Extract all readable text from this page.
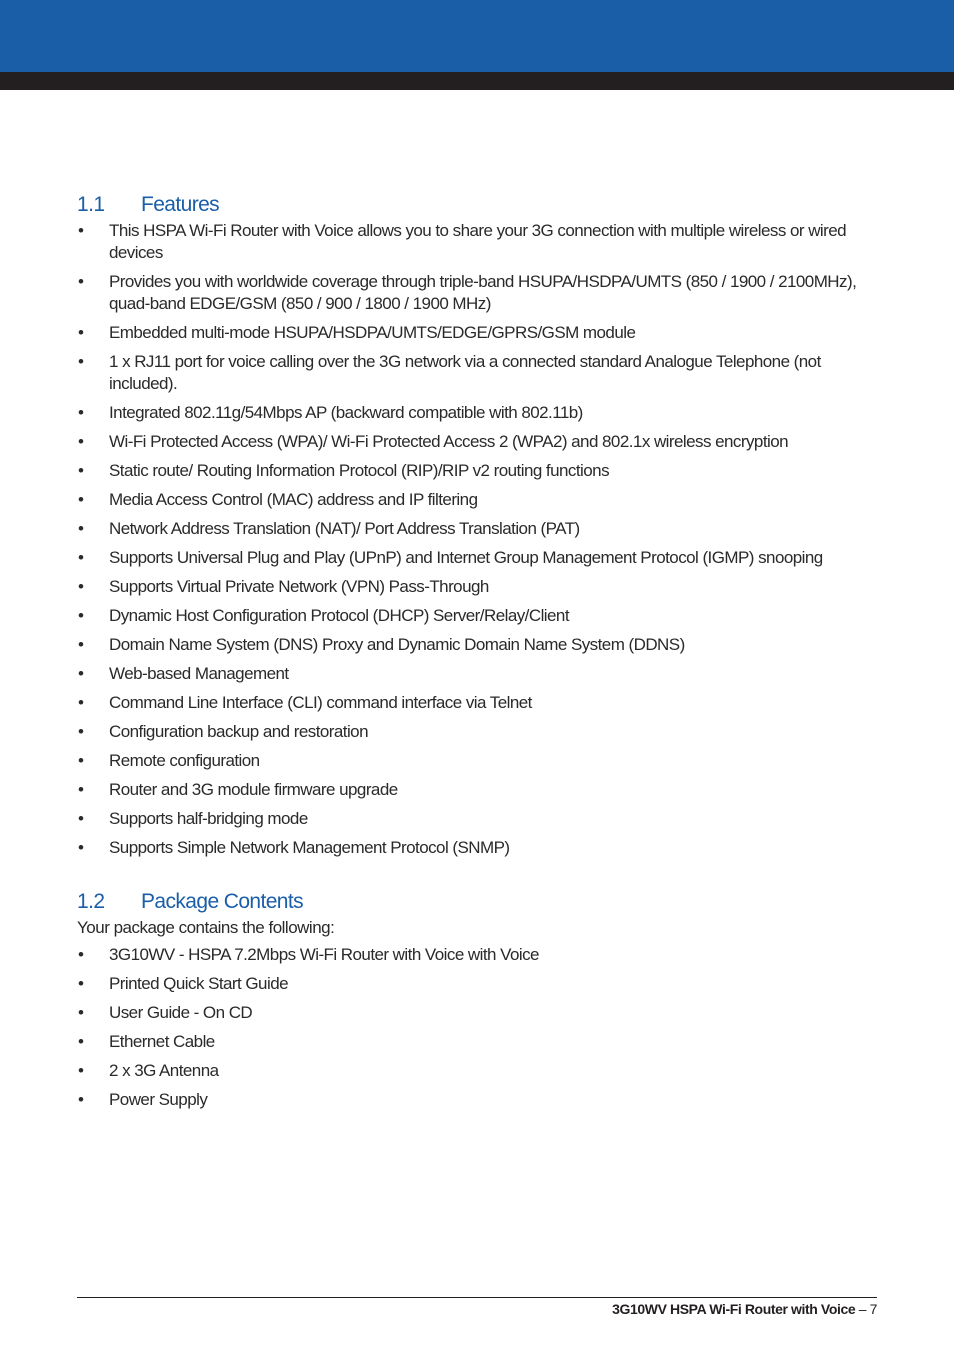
1.1 Features
• This HSPA Wi-Fi Router with Voice allows you to share your 3G connection with multiple wireless or wired devices
• Provides you with worldwide coverage through triple-band HSUPA/HSDPA/UMTS (850 / 1900 / 2100MHz), quad-band EDGE/GSM (850 / 900 / 1800 / 1900 MHz)
• Embedded multi-mode HSUPA/HSDPA/UMTS/EDGE/GPRS/GSM module
• 1 x RJ11 port for voice calling over the 3G network via a connected standard Analogue Telephone (not included).
• Integrated 802.11g/54Mbps AP (backward compatible with 802.11b)
• Wi-Fi Protected Access (WPA)/ Wi-Fi Protected Access 2 (WPA2) and 802.1x wireless encryption
• Static route/ Routing Information Protocol (RIP)/RIP v2 routing functions
• Media Access Control (MAC) address and IP filtering
• Network Address Translation (NAT)/ Port Address Translation (PAT)
• Supports Universal Plug and Play (UPnP) and Internet Group Management Protocol (IGMP) snooping
• Supports Virtual Private Network (VPN) Pass-Through
• Dynamic Host Configuration Protocol (DHCP) Server/Relay/Client
• Domain Name System (DNS) Proxy and Dynamic Domain Name System (DDNS)
• Web-based Management
• Command Line Interface (CLI) command interface via Telnet
• Configuration backup and restoration
• Remote configuration
• Router and 3G module firmware upgrade
• Supports half-bridging mode
• Supports Simple Network Management Protocol (SNMP)
1.2 Package Contents

Your package contains the following:

• 3G10WV - HSPA 7.2Mbps Wi-Fi Router with Voice with Voice
• Printed Quick Start Guide
• User Guide - On CD
• Ethernet Cable
• 2 x 3G Antenna
• Power Supply
3G10WV HSPA Wi-Fi Router with Voice – 7
